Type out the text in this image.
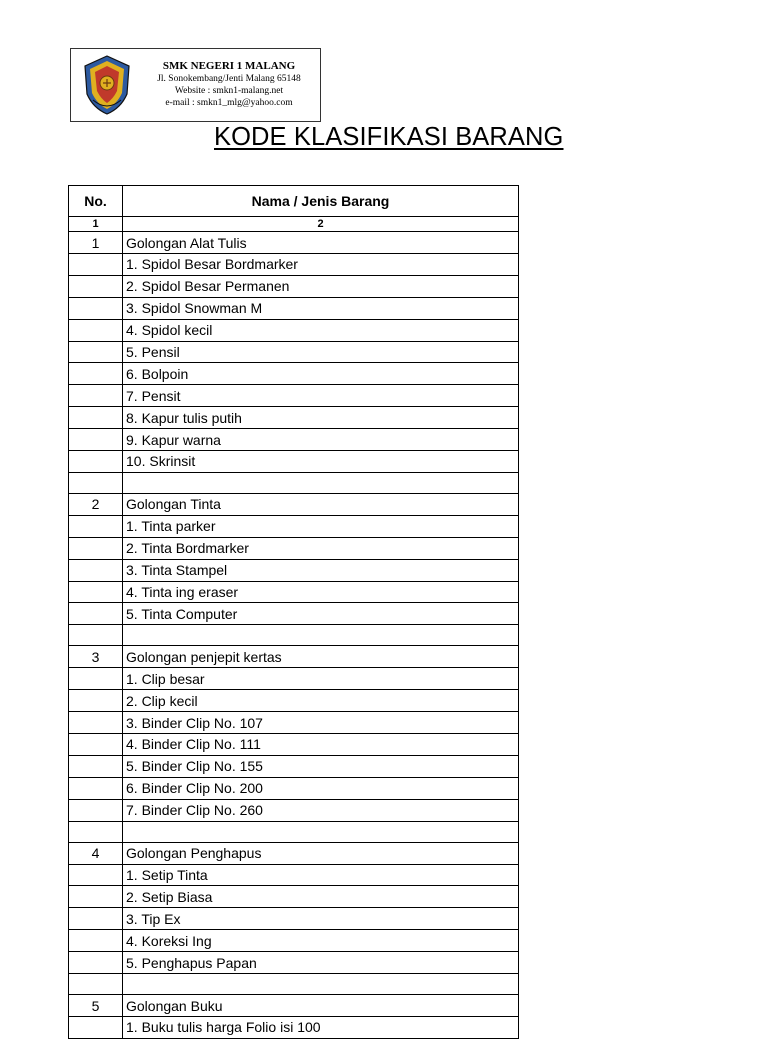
SMK NEGERI 1 MALANG
Jl. Sonokembang/Jenti Malang 65148
Website : smkn1-malang.net
e-mail : smkn1_mlg@yahoo.com
KODE KLASIFIKASI BARANG
No.	Nama / Jenis Barang
1	2
1	Golongan Alat Tulis
	1. Spidol Besar Bordmarker
	2. Spidol Besar Permanen
	3. Spidol Snowman M
	4. Spidol kecil
	5. Pensil
	6. Bolpoin
	7. Pensit
	8. Kapur tulis putih
	9. Kapur warna
	10. Skrinsit

2	Golongan Tinta
	1. Tinta parker
	2. Tinta Bordmarker
	3. Tinta Stampel
	4. Tinta ing eraser
	5. Tinta Computer

3	Golongan penjepit kertas
	1. Clip besar
	2. Clip kecil
	3. Binder Clip No. 107
	4. Binder Clip No. 111
	5. Binder Clip No. 155
	6. Binder Clip No. 200
	7. Binder Clip No. 260

4	Golongan Penghapus
	1. Setip Tinta
	2. Setip Biasa
	3. Tip Ex
	4. Koreksi Ing
	5. Penghapus Papan

5	Golongan Buku
	1. Buku tulis harga Folio isi 100
